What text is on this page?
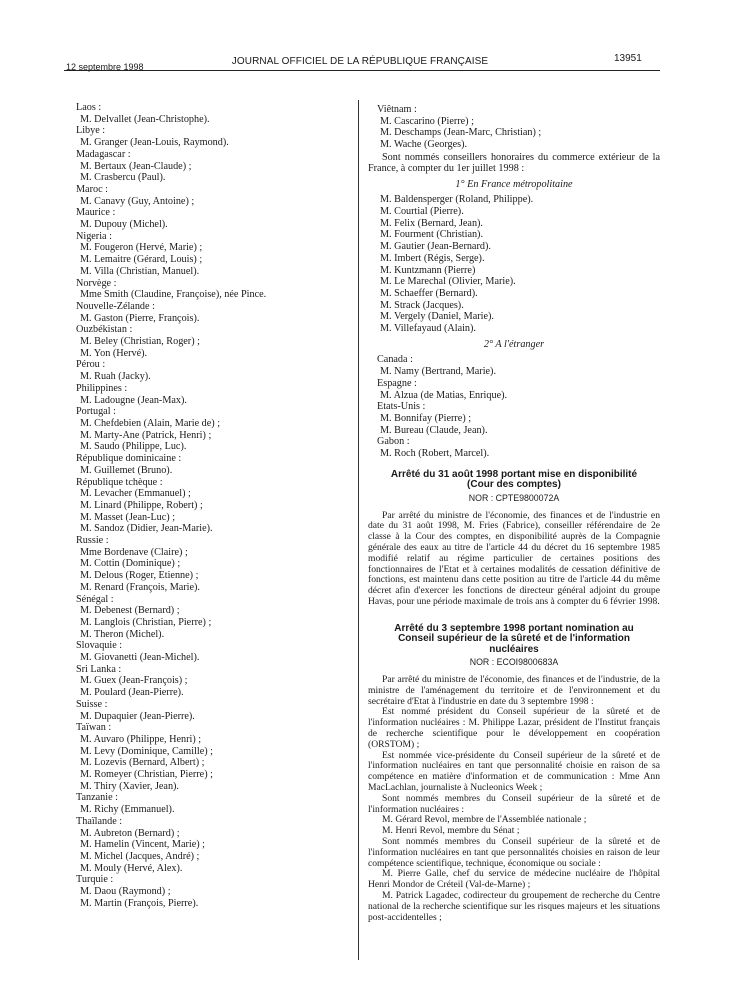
12 septembre 1998	JOURNAL OFFICIEL DE LA RÉPUBLIQUE FRANÇAISE	13951
Laos :
M. Delvallet (Jean-Christophe).
Libye :
M. Granger (Jean-Louis, Raymond).
Madagascar :
M. Bertaux (Jean-Claude) ;
M. Crasbercu (Paul).
Maroc :
M. Canavy (Guy, Antoine) ;
Maurice :
M. Dupouy (Michel).
Nigeria :
M. Fougeron (Hervé, Marie) ;
M. Lemaitre (Gérard, Louis) ;
M. Villa (Christian, Manuel).
Norvège :
Mme Smith (Claudine, Françoise), née Pince.
Nouvelle-Zélande :
M. Gaston (Pierre, François).
Ouzbékistan :
M. Beley (Christian, Roger) ;
M. Yon (Hervé).
Pérou :
M. Ruah (Jacky).
Philippines :
M. Ladougne (Jean-Max).
Portugal :
M. Chefdebien (Alain, Marie de) ;
M. Marty-Ane (Patrick, Henri) ;
M. Saudo (Philippe, Luc).
République dominicaine :
M. Guillemet (Bruno).
République tchèque :
M. Levacher (Emmanuel) ;
M. Linard (Philippe, Robert) ;
M. Masset (Jean-Luc) ;
M. Sandoz (Didier, Jean-Marie).
Russie :
Mme Bordenave (Claire) ;
M. Cottin (Dominique) ;
M. Delous (Roger, Etienne) ;
M. Renard (François, Marie).
Sénégal :
M. Debenest (Bernard) ;
M. Langlois (Christian, Pierre) ;
M. Theron (Michel).
Slovaquie :
M. Giovanetti (Jean-Michel).
Sri Lanka :
M. Guex (Jean-François) ;
M. Poulard (Jean-Pierre).
Suisse :
M. Dupaquier (Jean-Pierre).
Taïwan :
M. Auvaro (Philippe, Henri) ;
M. Levy (Dominique, Camille) ;
M. Lozevis (Bernard, Albert) ;
M. Romeyer (Christian, Pierre) ;
M. Thiry (Xavier, Jean).
Tanzanie :
M. Richy (Emmanuel).
Thaïlande :
M. Aubreton (Bernard) ;
M. Hamelin (Vincent, Marie) ;
M. Michel (Jacques, André) ;
M. Mouly (Hervé, Alex).
Turquie :
M. Daou (Raymond) ;
M. Martin (François, Pierre).
Viêtnam :
M. Cascarino (Pierre) ;
M. Deschamps (Jean-Marc, Christian) ;
M. Wache (Georges).

Sont nommés conseillers honoraires du commerce extérieur de la France, à compter du 1er juillet 1998 :

1° En France métropolitaine
M. Baldensperger (Roland, Philippe).
M. Courtial (Pierre).
M. Felix (Bernard, Jean).
M. Fourment (Christian).
M. Gautier (Jean-Bernard).
M. Imbert (Régis, Serge).
M. Kuntzmann (Pierre)
M. Le Marechal (Olivier, Marie).
M. Schaeffer (Bernard).
M. Strack (Jacques).
M. Vergely (Daniel, Marie).
M. Villefayaud (Alain).
2° A l'étranger
Canada :
M. Namy (Bertrand, Marie).
Espagne :
M. Alzua (de Matias, Enrique).
Etats-Unis :
M. Bonnifay (Pierre) ;
M. Bureau (Claude, Jean).
Gabon :
M. Roch (Robert, Marcel).
Arrêté du 31 août 1998 portant mise en disponibilité
(Cour des comptes)
NOR : CPTE9800072A

Par arrêté du ministre de l'économie, des finances et de l'industrie en date du 31 août 1998, M. Fries (Fabrice), conseiller référendaire de 2e classe à la Cour des comptes, en disponibilité auprès de la Compagnie générale des eaux au titre de l'article 44 du décret du 16 septembre 1985 modifié relatif au régime particulier de certaines positions des fonctionnaires de l'Etat et à certaines modalités de cessation définitive de fonctions, est maintenu dans cette position au titre de l'article 44 du même décret afin d'exercer les fonctions de directeur général adjoint du groupe Havas, pour une période maximale de trois ans à compter du 6 février 1998.

Arrêté du 3 septembre 1998 portant nomination au
Conseil supérieur de la sûreté et de l'information
nucléaires
NOR : ECOI9800683A

Par arrêté du ministre de l'économie, des finances et de l'industrie, de la ministre de l'aménagement du territoire et de l'environnement et du secrétaire d'Etat à l'industrie en date du 3 septembre 1998 :

Est nommé président du Conseil supérieur de la sûreté et de l'information nucléaires : M. Philippe Lazar, président de l'Institut français de recherche scientifique pour le développement en coopération (ORSTOM) ;

Est nommée vice-présidente du Conseil supérieur de la sûreté et de l'information nucléaires en tant que personnalité choisie en raison de sa compétence en matière d'information et de communication : Mme Ann MacLachlan, journaliste à Nucleonics Week ;

Sont nommés membres du Conseil supérieur de la sûreté et de l'information nucléaires :

M. Gérard Revol, membre de l'Assemblée nationale ;

M. Henri Revol, membre du Sénat ;

Sont nommés membres du Conseil supérieur de la sûreté et de l'information nucléaires en tant que personnalités choisies en raison de leur compétence scientifique, technique, économique ou sociale :

M. Pierre Galle, chef du service de médecine nucléaire de l'hôpital Henri Mondor de Créteil (Val-de-Marne) ;

M. Patrick Lagadec, codirecteur du groupement de recherche du Centre national de la recherche scientifique sur les risques majeurs et les situations post-accidentelles ;
